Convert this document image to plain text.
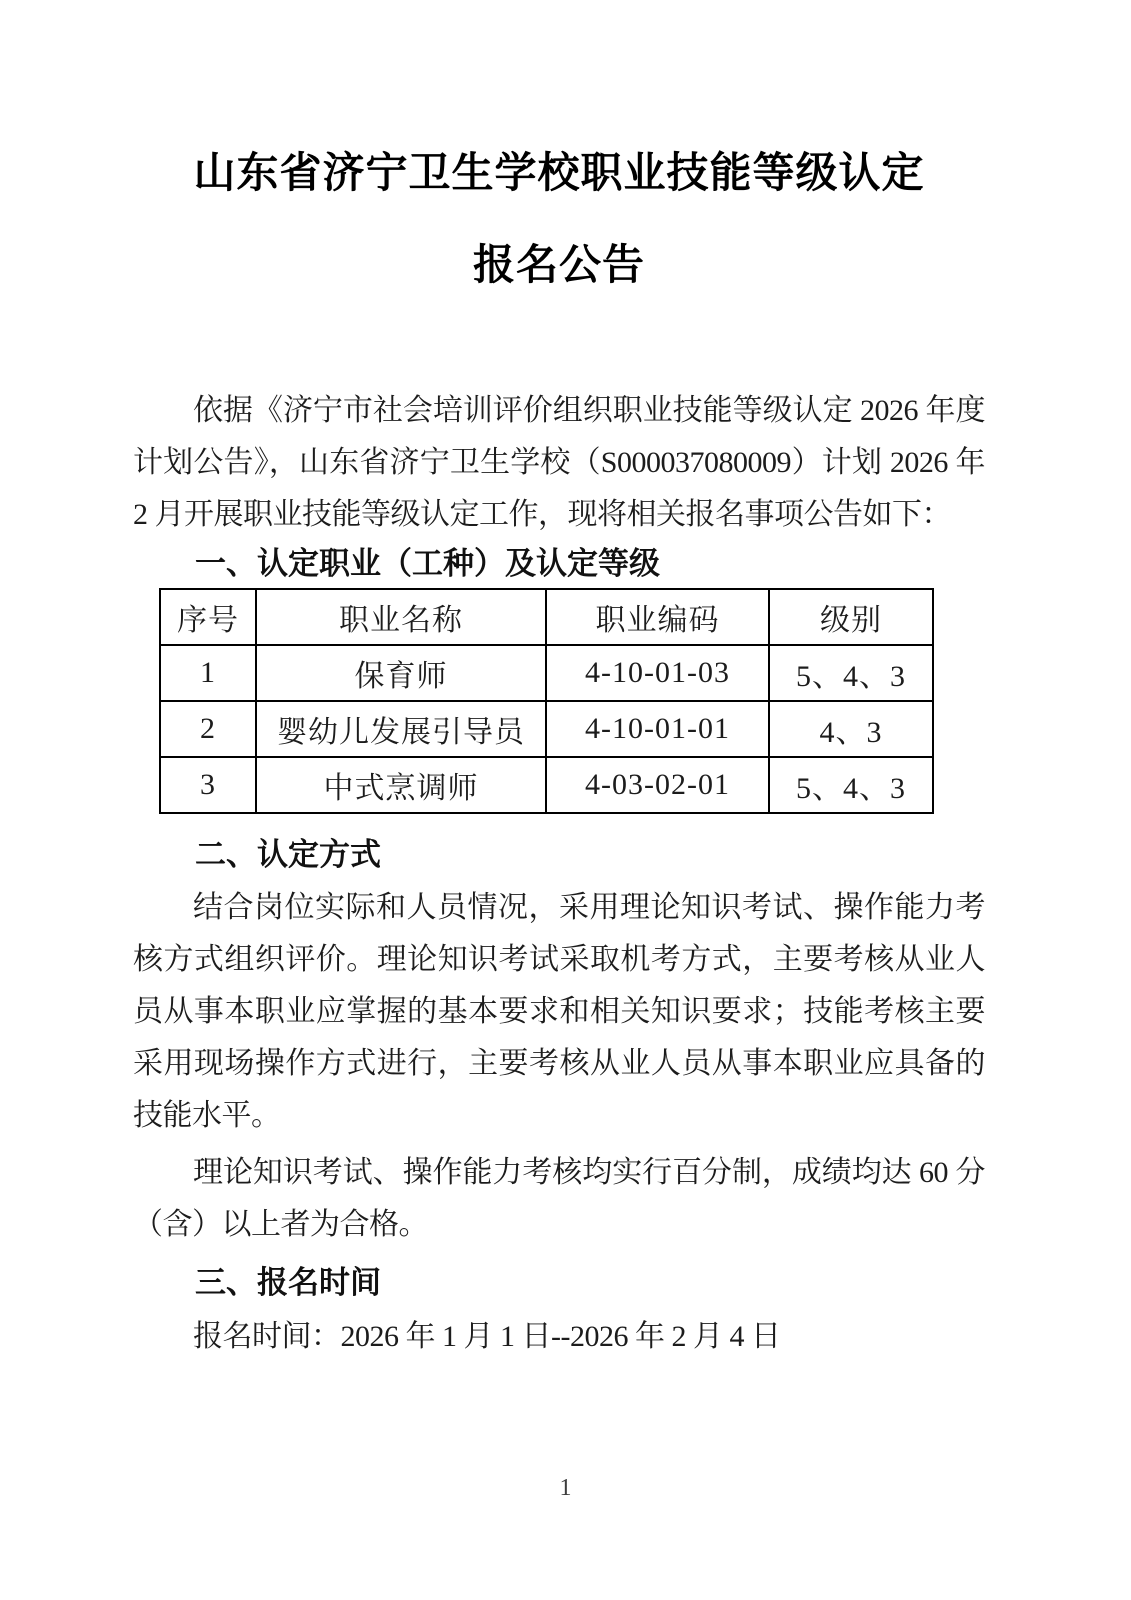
山东省济宁卫生学校职业技能等级认定
报名公告
依据《济宁市社会培训评价组织职业技能等级认定 2026 年度
计划公告》，山东省济宁卫生学校（S000037080009）计划 2026 年
2 月开展职业技能等级认定工作，现将相关报名事项公告如下：
一、认定职业（工种）及认定等级
序号	职业名称	职业编码	级别
1	保育师	4-10-01-03	5、4、3
2	婴幼儿发展引导员	4-10-01-01	4、3
3	中式烹调师	4-03-02-01	5、4、3
二、认定方式
结合岗位实际和人员情况，采用理论知识考试、操作能力考
核方式组织评价。理论知识考试采取机考方式，主要考核从业人
员从事本职业应掌握的基本要求和相关知识要求；技能考核主要
采用现场操作方式进行，主要考核从业人员从事本职业应具备的
技能水平。
理论知识考试、操作能力考核均实行百分制，成绩均达 60 分
（含）以上者为合格。
三、报名时间
报名时间：2026 年 1 月 1 日--2026 年 2 月 4 日
1
